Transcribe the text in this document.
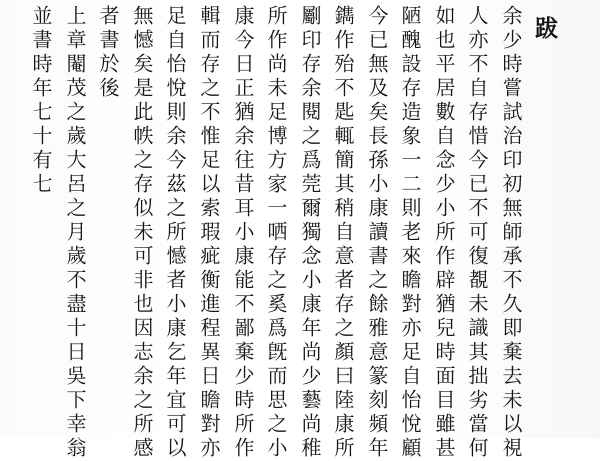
跋
余少時嘗試治印初無師承不久即棄去未以視
人亦不自存惜今已不可復覩未識其拙劣當何
如也平居數自念少小所作辟猶兒時面目雖甚
陋醜設存造象一二則老來瞻對亦足自怡悅顧
今已無及矣長孫小康讀書之餘雅意篆刻頻年
鐫作殆不匙輒簡其稍自意者存之顏曰陸康所
劚印存余閱之爲莞爾獨念小康年尚少藝尚稚
所作尚未足博方家一哂存之奚爲旣而思之小
康今日正猶余往昔耳小康能不鄙棄少時所作
輯而存之不惟足以索瑕疵衡進程異日瞻對亦
足自怡悅則余今茲之所憾者小康乞年宜可以
無憾矣是此帙之存似未可非也因志余之所感
者書於後
上章閹茂之歲大呂之月歲不盡十日吳下幸翁
並書時年七十有七
